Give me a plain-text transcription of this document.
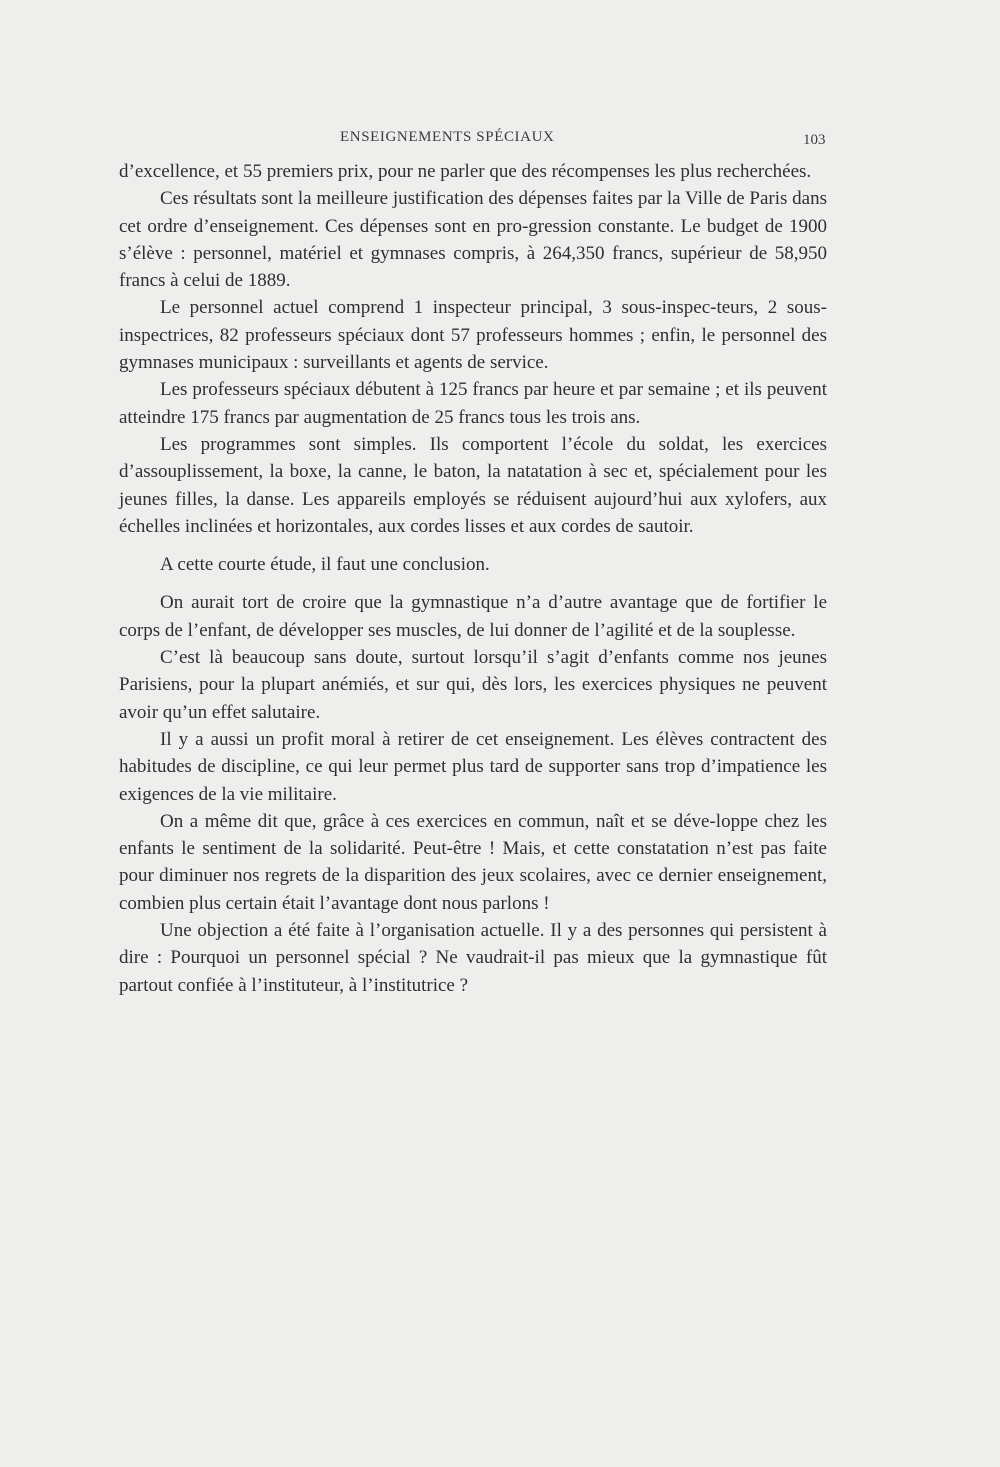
ENSEIGNEMENTS SPÉCIAUX	103

d’excellence, et 55 premiers prix, pour ne parler que des récompenses les plus recherchées.

Ces résultats sont la meilleure justification des dépenses faites par la Ville de Paris dans cet ordre d’enseignement. Ces dépenses sont en pro-gression constante. Le budget de 1900 s’élève : personnel, matériel et gymnases compris, à 264,350 francs, supérieur de 58,950 francs à celui de 1889.

Le personnel actuel comprend 1 inspecteur principal, 3 sous-inspec-teurs, 2 sous-inspectrices, 82 professeurs spéciaux dont 57 professeurs hommes ; enfin, le personnel des gymnases municipaux : surveillants et agents de service.

Les professeurs spéciaux débutent à 125 francs par heure et par semaine ; et ils peuvent atteindre 175 francs par augmentation de 25 francs tous les trois ans.

Les programmes sont simples. Ils comportent l’école du soldat, les exercices d’assouplissement, la boxe, la canne, le baton, la natatation à sec et, spécialement pour les jeunes filles, la danse. Les appareils employés se réduisent aujourd’hui aux xylofers, aux échelles inclinées et horizontales, aux cordes lisses et aux cordes de sautoir.

A cette courte étude, il faut une conclusion.

On aurait tort de croire que la gymnastique n’a d’autre avantage que de fortifier le corps de l’enfant, de développer ses muscles, de lui donner de l’agilité et de la souplesse.

C’est là beaucoup sans doute, surtout lorsqu’il s’agit d’enfants comme nos jeunes Parisiens, pour la plupart anémiés, et sur qui, dès lors, les exercices physiques ne peuvent avoir qu’un effet salutaire.

Il y a aussi un profit moral à retirer de cet enseignement. Les élèves contractent des habitudes de discipline, ce qui leur permet plus tard de supporter sans trop d’impatience les exigences de la vie militaire.

On a même dit que, grâce à ces exercices en commun, naît et se déve-loppe chez les enfants le sentiment de la solidarité. Peut-être ! Mais, et cette constatation n’est pas faite pour diminuer nos regrets de la disparition des jeux scolaires, avec ce dernier enseignement, combien plus certain était l’avantage dont nous parlons !

Une objection a été faite à l’organisation actuelle. Il y a des personnes qui persistent à dire : Pourquoi un personnel spécial ? Ne vaudrait-il pas mieux que la gymnastique fût partout confiée à l’instituteur, à l’institutrice ?
